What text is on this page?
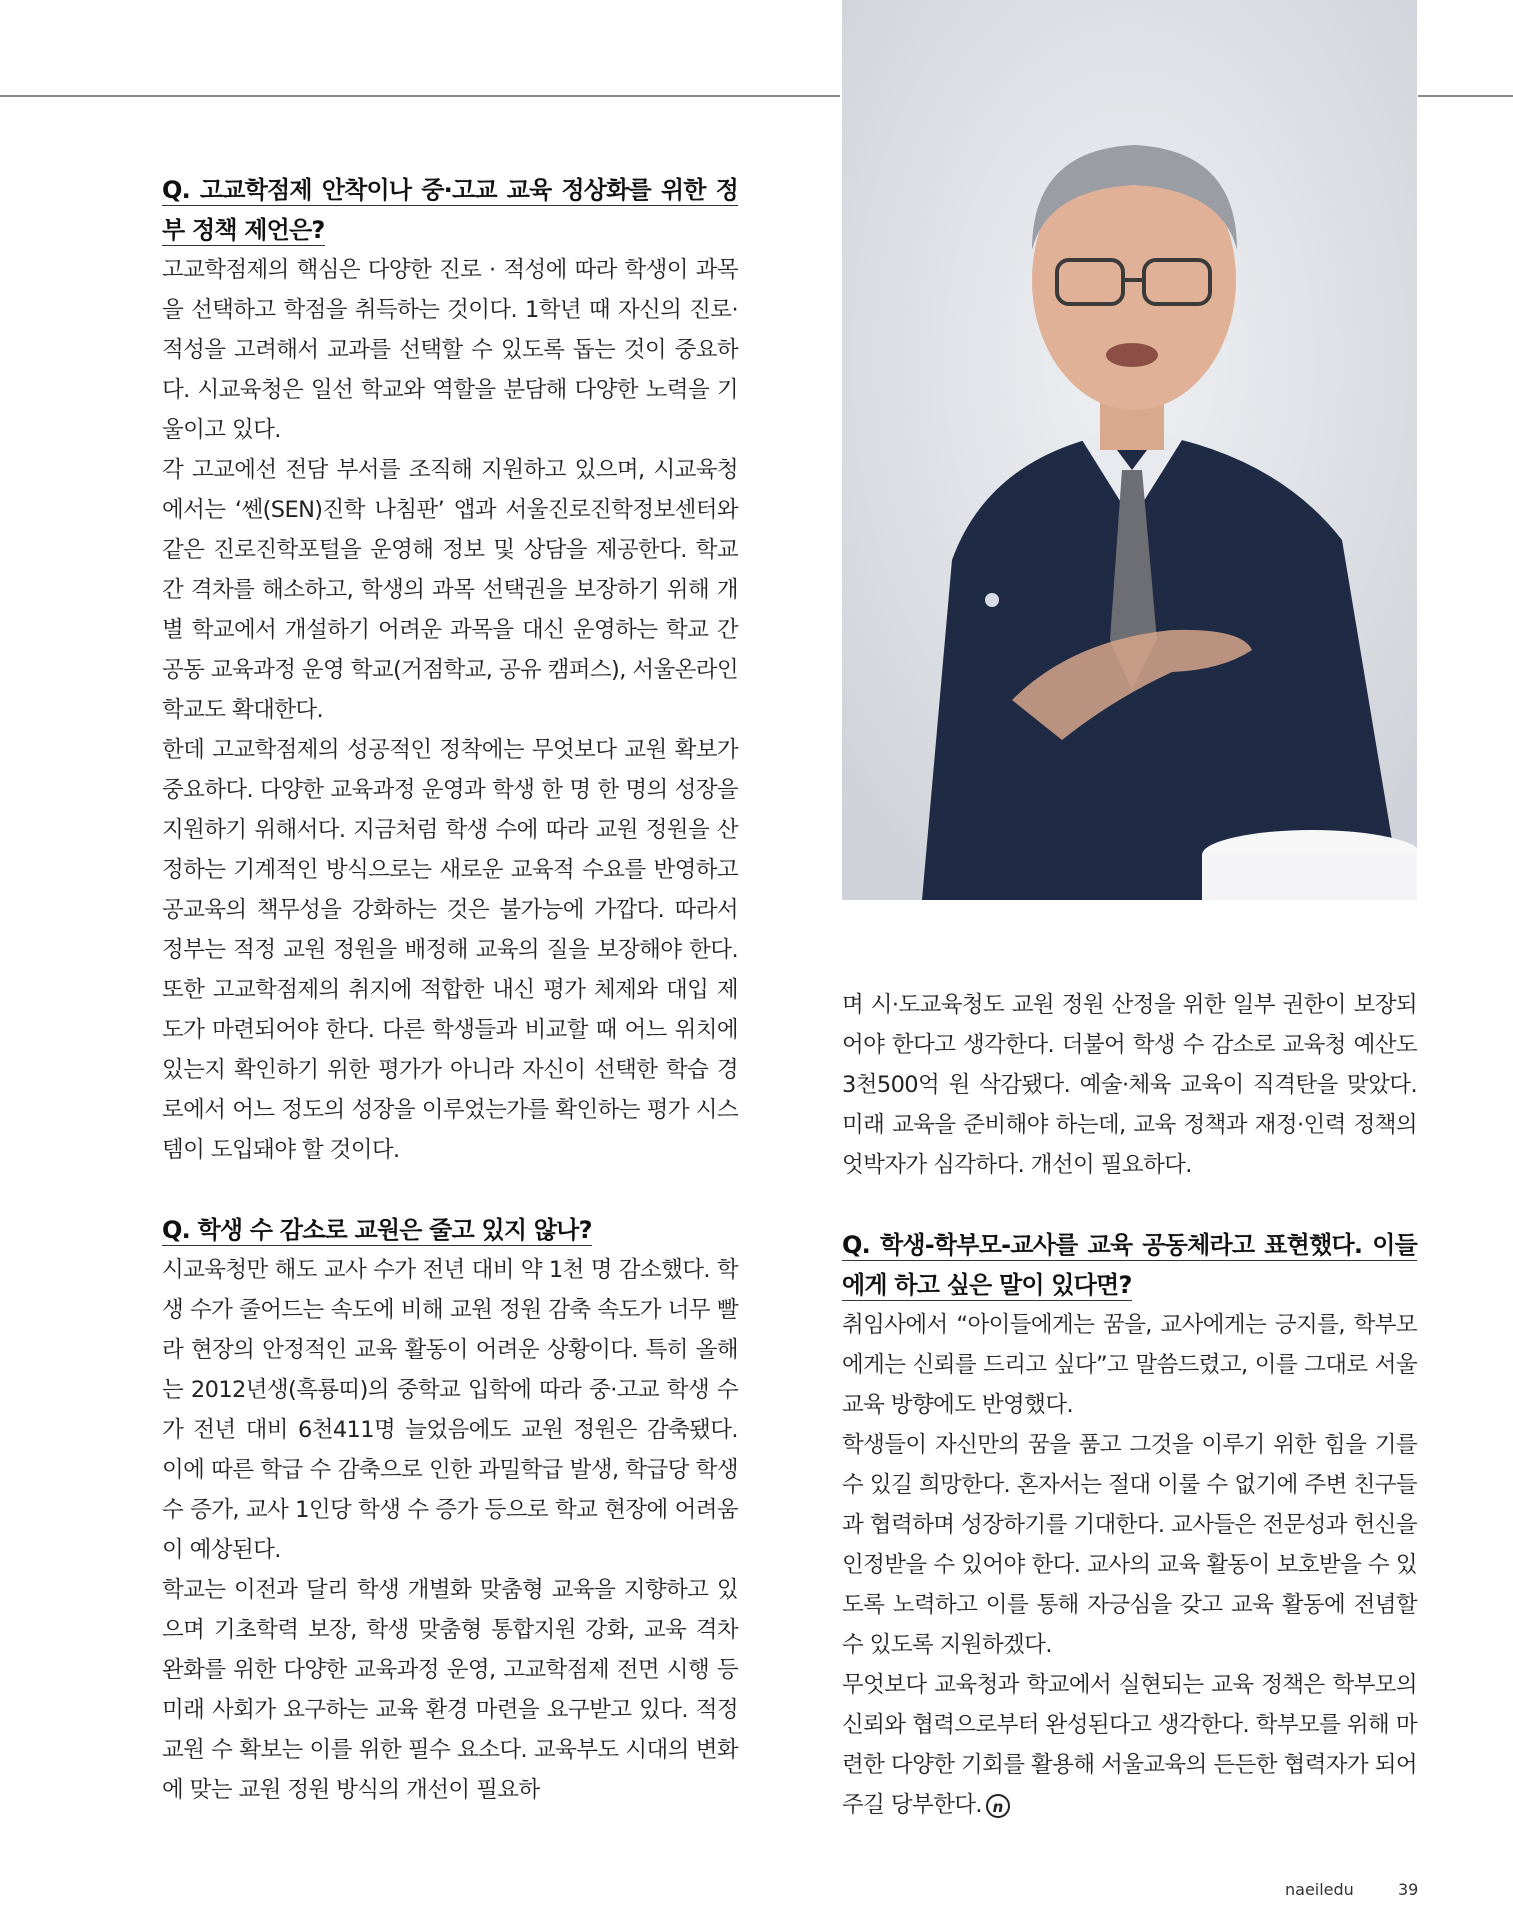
Q. 고교학점제 안착이나 중·고교 교육 정상화를 위한 정부 정책 제언은?

고교학점제의 핵심은 다양한 진로 · 적성에 따라 학생이 과목을 선택하고 학점을 취득하는 것이다. 1학년 때 자신의 진로·적성을 고려해서 교과를 선택할 수 있도록 돕는 것이 중요하다. 시교육청은 일선 학교와 역할을 분담해 다양한 노력을 기울이고 있다.

각 고교에선 전담 부서를 조직해 지원하고 있으며, 시교육청에서는 ‘쎈(SEN)진학 나침판’ 앱과 서울진로진학정보센터와 같은 진로진학포털을 운영해 정보 및 상담을 제공한다. 학교 간 격차를 해소하고, 학생의 과목 선택권을 보장하기 위해 개별 학교에서 개설하기 어려운 과목을 대신 운영하는 학교 간 공동 교육과정 운영 학교(거점학교, 공유 캠퍼스), 서울온라인학교도 확대한다.

한데 고교학점제의 성공적인 정착에는 무엇보다 교원 확보가 중요하다. 다양한 교육과정 운영과 학생 한 명 한 명의 성장을 지원하기 위해서다. 지금처럼 학생 수에 따라 교원 정원을 산정하는 기계적인 방식으로는 새로운 교육적 수요를 반영하고 공교육의 책무성을 강화하는 것은 불가능에 가깝다. 따라서 정부는 적정 교원 정원을 배정해 교육의 질을 보장해야 한다. 또한 고교학점제의 취지에 적합한 내신 평가 체제와 대입 제도가 마련되어야 한다. 다른 학생들과 비교할 때 어느 위치에 있는지 확인하기 위한 평가가 아니라 자신이 선택한 학습 경로에서 어느 정도의 성장을 이루었는가를 확인하는 평가 시스템이 도입돼야 할 것이다.

Q. 학생 수 감소로 교원은 줄고 있지 않나?

시교육청만 해도 교사 수가 전년 대비 약 1천 명 감소했다. 학생 수가 줄어드는 속도에 비해 교원 정원 감축 속도가 너무 빨라 현장의 안정적인 교육 활동이 어려운 상황이다. 특히 올해는 2012년생(흑룡띠)의 중학교 입학에 따라 중·고교 학생 수가 전년 대비 6천411명 늘었음에도 교원 정원은 감축됐다. 이에 따른 학급 수 감축으로 인한 과밀학급 발생, 학급당 학생 수 증가, 교사 1인당 학생 수 증가 등으로 학교 현장에 어려움이 예상된다.

학교는 이전과 달리 학생 개별화 맞춤형 교육을 지향하고 있으며 기초학력 보장, 학생 맞춤형 통합지원 강화, 교육 격차 완화를 위한 다양한 교육과정 운영, 고교학점제 전면 시행 등 미래 사회가 요구하는 교육 환경 마련을 요구받고 있다. 적정 교원 수 확보는 이를 위한 필수 요소다. 교육부도 시대의 변화에 맞는 교원 정원 방식의 개선이 필요하

며 시·도교육청도 교원 정원 산정을 위한 일부 권한이 보장되어야 한다고 생각한다. 더불어 학생 수 감소로 교육청 예산도 3천500억 원 삭감됐다. 예술·체육 교육이 직격탄을 맞았다. 미래 교육을 준비해야 하는데, 교육 정책과 재정·인력 정책의 엇박자가 심각하다. 개선이 필요하다.

Q. 학생-학부모-교사를 교육 공동체라고 표현했다. 이들에게 하고 싶은 말이 있다면?

취임사에서 “아이들에게는 꿈을, 교사에게는 긍지를, 학부모에게는 신뢰를 드리고 싶다”고 말씀드렸고, 이를 그대로 서울교육 방향에도 반영했다.

학생들이 자신만의 꿈을 품고 그것을 이루기 위한 힘을 기를 수 있길 희망한다. 혼자서는 절대 이룰 수 없기에 주변 친구들과 협력하며 성장하기를 기대한다. 교사들은 전문성과 헌신을 인정받을 수 있어야 한다. 교사의 교육 활동이 보호받을 수 있도록 노력하고 이를 통해 자긍심을 갖고 교육 활동에 전념할 수 있도록 지원하겠다.

무엇보다 교육청과 학교에서 실현되는 교육 정책은 학부모의 신뢰와 협력으로부터 완성된다고 생각한다. 학부모를 위해 마련한 다양한 기회를 활용해 서울교육의 든든한 협력자가 되어주길 당부한다. n

naeiledu	39
